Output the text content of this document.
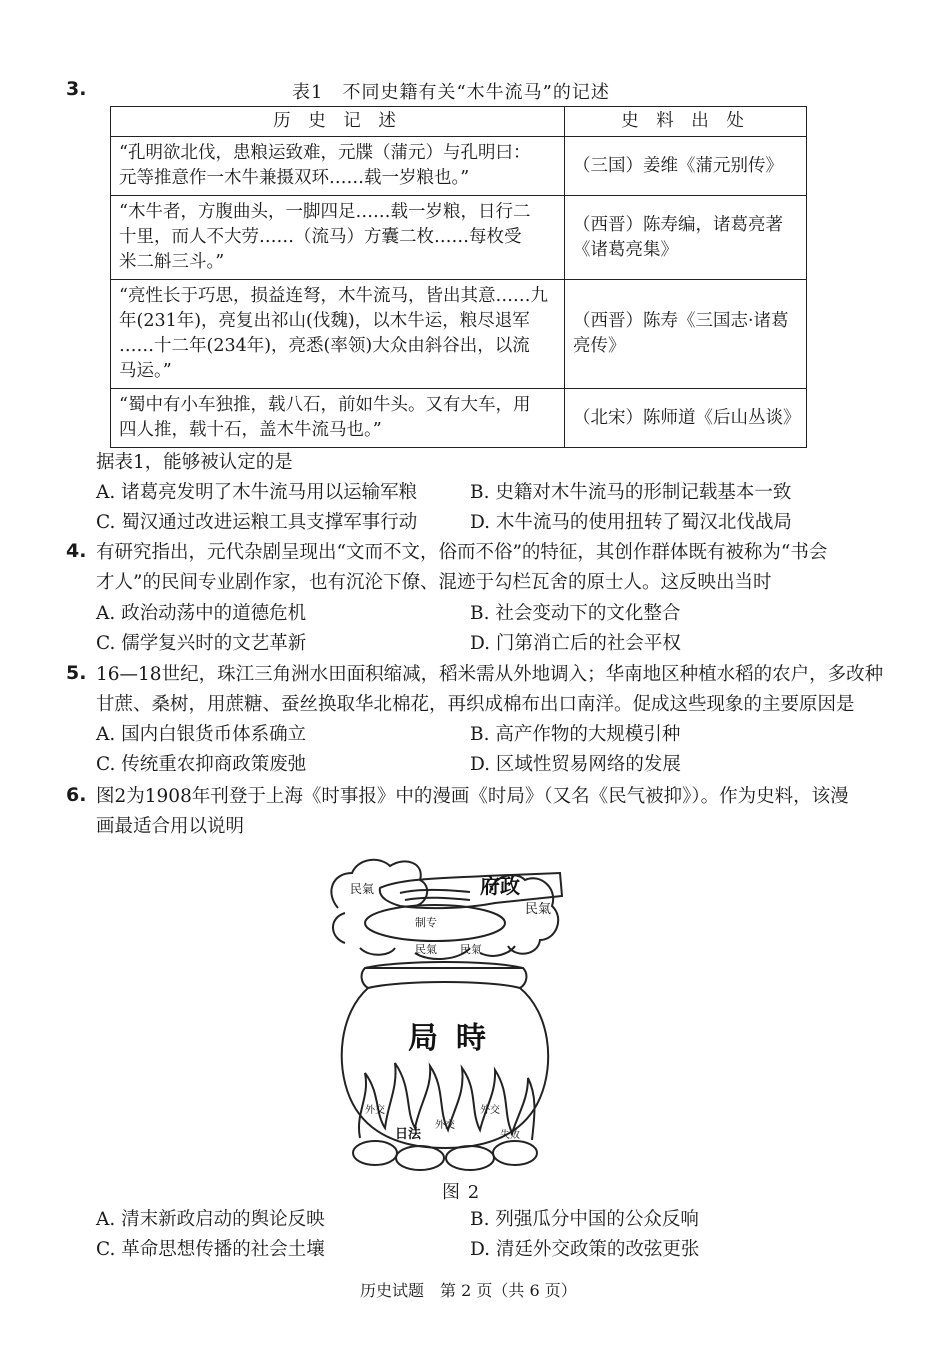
3.	表1　不同史籍有关“木牛流马”的记述
历 史 记 述	史 料 出 处

“孔明欲北伐，患粮运致难，元牒（蒲元）与孔明曰：
元等推意作一木牛兼摄双环……载一岁粮也。”	（三国）姜维《蒲元别传》

“木牛者，方腹曲头，一脚四足……载一岁粮，日行二
十里，而人不大劳……（流马）方囊二枚……每枚受
米二斛三斗。”	（西晋）陈寿编，诸葛亮著《诸葛亮集》

“亮性长于巧思，损益连弩，木牛流马，皆出其意……九
年(231年)，亮复出祁山(伐魏)，以木牛运，粮尽退军
……十二年(234年)，亮悉(率领)大众由斜谷出，以流
马运。”	（西晋）陈寿《三国志·诸葛亮传》

“蜀中有小车独推，载八石，前如牛头。又有大车，用
四人推，载十石，盖木牛流马也。”	（北宋）陈师道《后山丛谈》
据表1，能够被认定的是
A. 诸葛亮发明了木牛流马用以运输军粮	B. 史籍对木牛流马的形制记载基本一致
C. 蜀汉通过改进运粮工具支撑军事行动	D. 木牛流马的使用扭转了蜀汉北伐战局
4. 有研究指出，元代杂剧呈现出“文而不文，俗而不俗”的特征，其创作群体既有被称为“书会
才人”的民间专业剧作家，也有沉沦下僚、混迹于勾栏瓦舍的原士人。这反映出当时
A. 政治动荡中的道德危机	B. 社会变动下的文化整合
C. 儒学复兴时的文艺革新	D. 门第消亡后的社会平权
5. 16—18世纪，珠江三角洲水田面积缩减，稻米需从外地调入；华南地区种植水稻的农户，多改种
甘蔗、桑树，用蔗糖、蚕丝换取华北棉花，再织成棉布出口南洋。促成这些现象的主要原因是
A. 国内白银货币体系确立	B. 高产作物的大规模引种
C. 传统重农抑商政策废弛	D. 区域性贸易网络的发展
6. 图2为1908年刊登于上海《时事报》中的漫画《时局》（又名《民气被抑》）。作为史料，该漫
画最适合用以说明
府政
制专
民氣
民氣
民氣 民氣
局時
外交
日法
外交
外交
失败
图 2
A. 清末新政启动的舆论反映	B. 列强瓜分中国的公众反响
C. 革命思想传播的社会土壤	D. 清廷外交政策的改弦更张
历史试题　第 2 页（共 6 页）
